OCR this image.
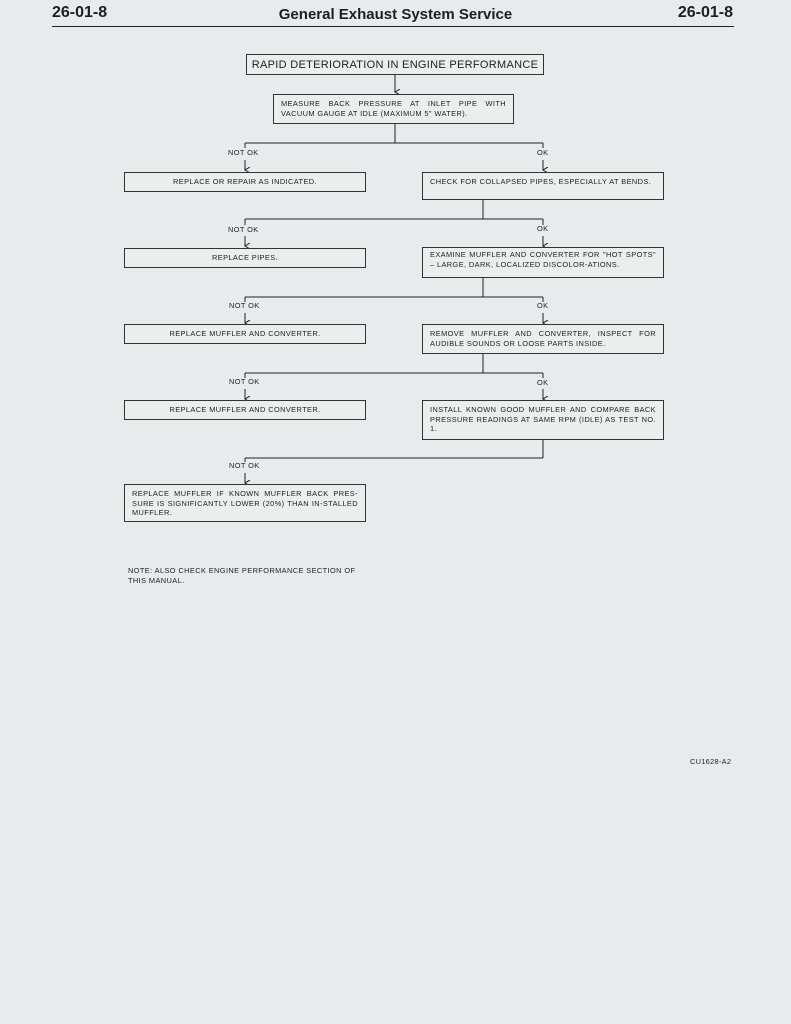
26-01-8	General Exhaust System Service	26-01-8
RAPID DETERIORATION IN ENGINE PERFORMANCE
MEASURE BACK PRESSURE AT INLET PIPE WITH VACUUM GAUGE AT IDLE (MAXIMUM 5" WATER).
NOT OK	OK
REPLACE OR REPAIR AS INDICATED.	CHECK FOR COLLAPSED PIPES, ESPECIALLY AT BENDS.
NOT OK	OK
REPLACE PIPES.	EXAMINE MUFFLER AND CONVERTER FOR "HOT SPOTS" – LARGE, DARK, LOCALIZED DISCOLOR-ATIONS.
NOT OK	OK
REPLACE MUFFLER AND CONVERTER.	REMOVE MUFFLER AND CONVERTER, INSPECT FOR AUDIBLE SOUNDS OR LOOSE PARTS INSIDE.
NOT OK	OK
REPLACE MUFFLER AND CONVERTER.	INSTALL KNOWN GOOD MUFFLER AND COMPARE BACK PRESSURE READINGS AT SAME RPM (IDLE) AS TEST NO. 1.
NOT OK
REPLACE MUFFLER IF KNOWN MUFFLER BACK PRES-SURE IS SIGNIFICANTLY LOWER (20%) THAN IN-STALLED MUFFLER.
NOTE: ALSO CHECK ENGINE PERFORMANCE SECTION OF THIS MANUAL.
CU1628-A2
